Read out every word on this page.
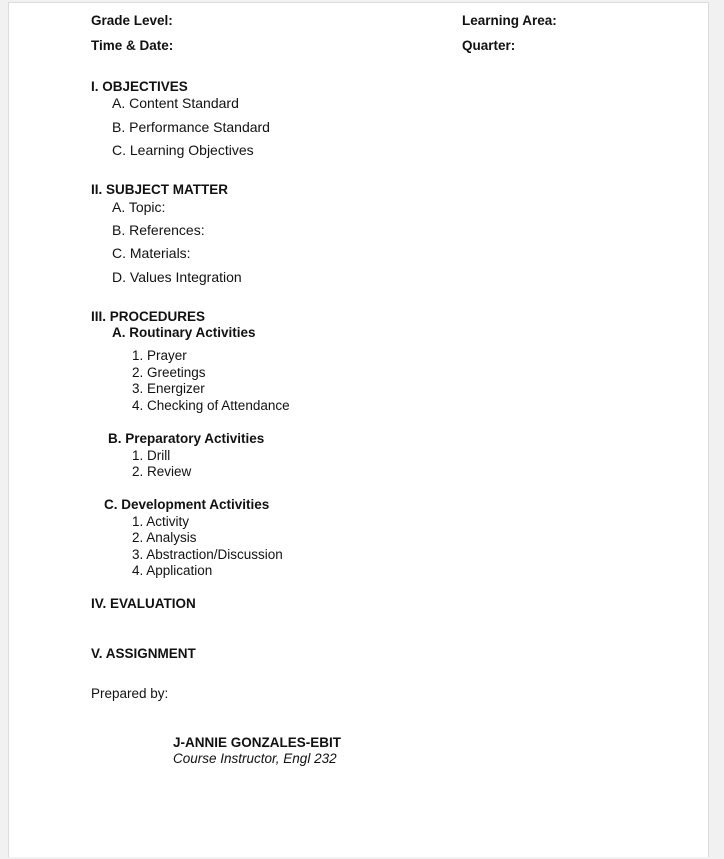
Grade Level:	Learning Area:
Time & Date:	Quarter:
I. OBJECTIVES
A. Content Standard
B. Performance Standard
C. Learning Objectives
II. SUBJECT MATTER
A. Topic:
B. References:
C. Materials:
D. Values Integration
III. PROCEDURES
A. Routinary Activities
1. Prayer
2. Greetings
3. Energizer
4. Checking of Attendance
B. Preparatory Activities
1. Drill
2. Review
C. Development Activities
1. Activity
2. Analysis
3. Abstraction/Discussion
4. Application
IV. EVALUATION
V. ASSIGNMENT
Prepared by:
J-ANNIE GONZALES-EBIT
Course Instructor, Engl 232
